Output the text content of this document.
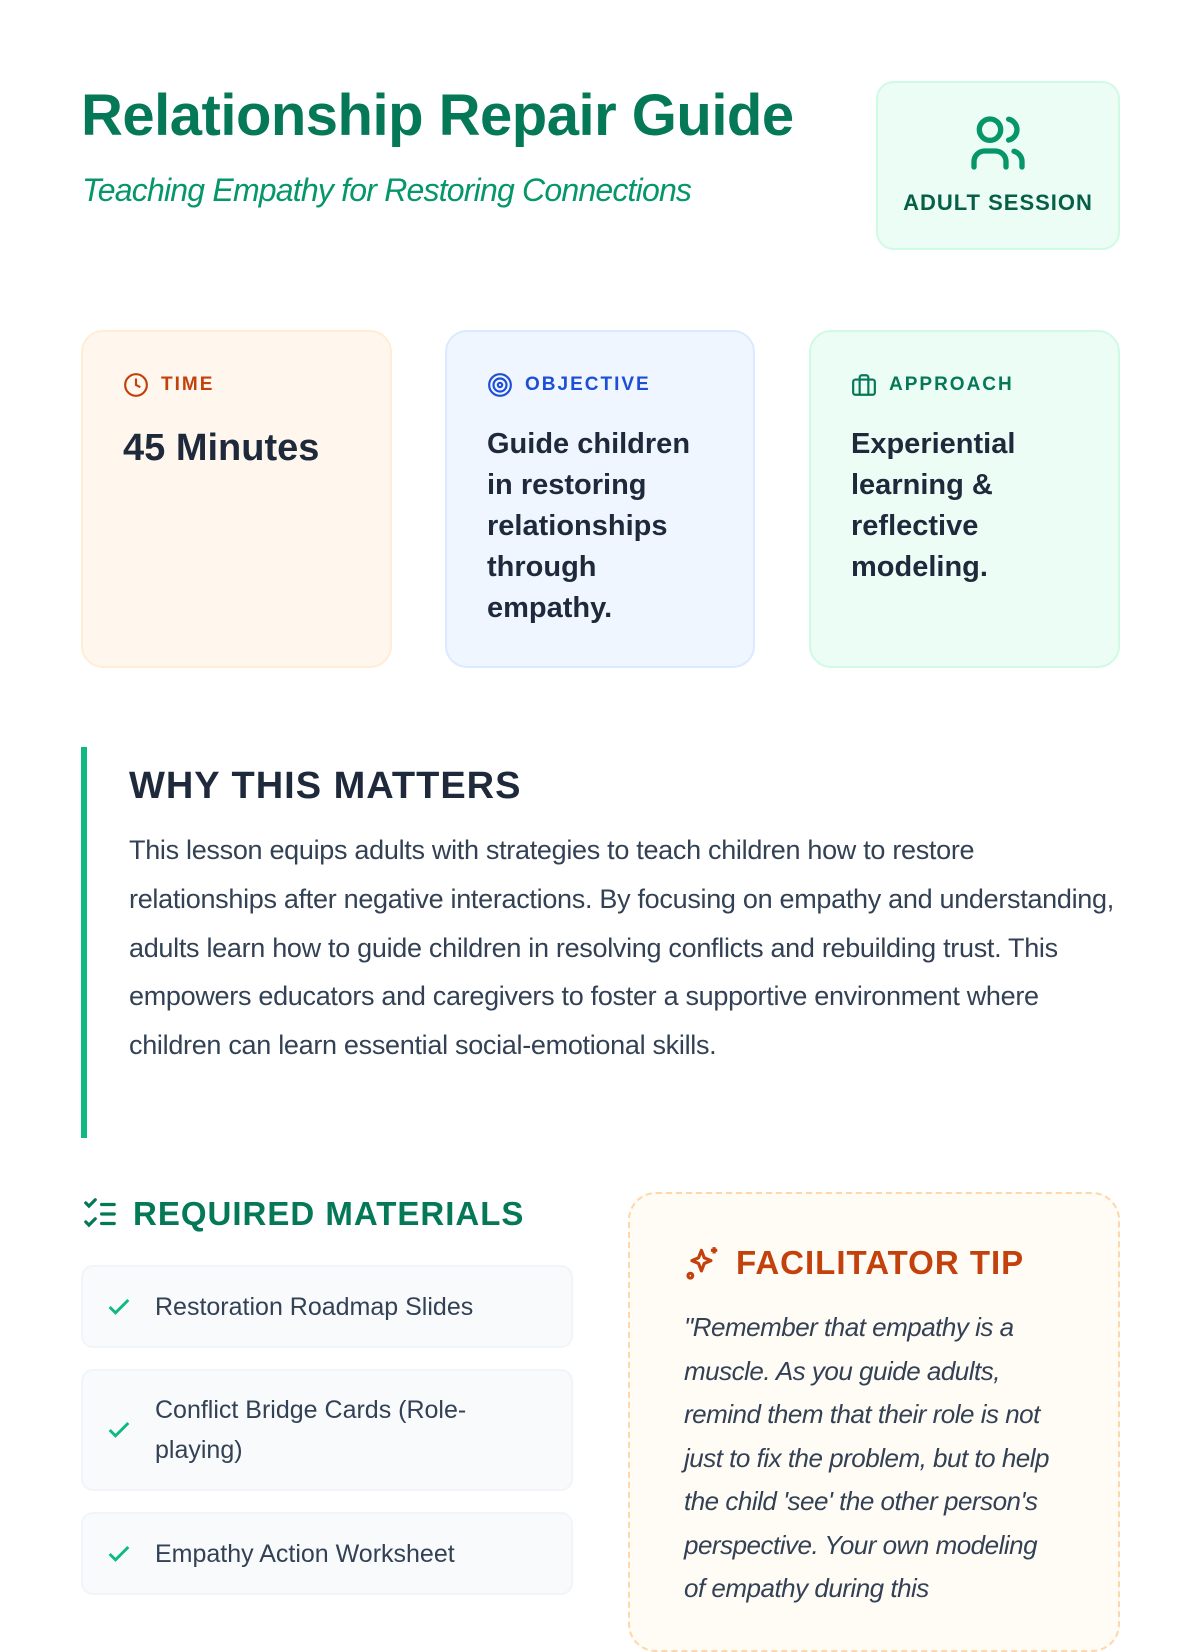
Relationship Repair Guide
Teaching Empathy for Restoring Connections	ADULT SESSION
TIME
45 Minutes
OBJECTIVE
Guide children in restoring relationships through empathy.
APPROACH
Experiential learning & reflective modeling.
WHY THIS MATTERS

This lesson equips adults with strategies to teach children how to restore relationships after negative interactions. By focusing on empathy and understanding, adults learn how to guide children in resolving conflicts and rebuilding trust. This empowers educators and caregivers to foster a supportive environment where children can learn essential social-emotional skills.

REQUIRED MATERIALS
Restoration Roadmap Slides
Conflict Bridge Cards (Role-playing)
Empathy Action Worksheet
FACILITATOR TIP

"Remember that empathy is a muscle. As you guide adults, remind them that their role is not just to fix the problem, but to help the child 'see' the other person's perspective. Your own modeling of empathy during this
